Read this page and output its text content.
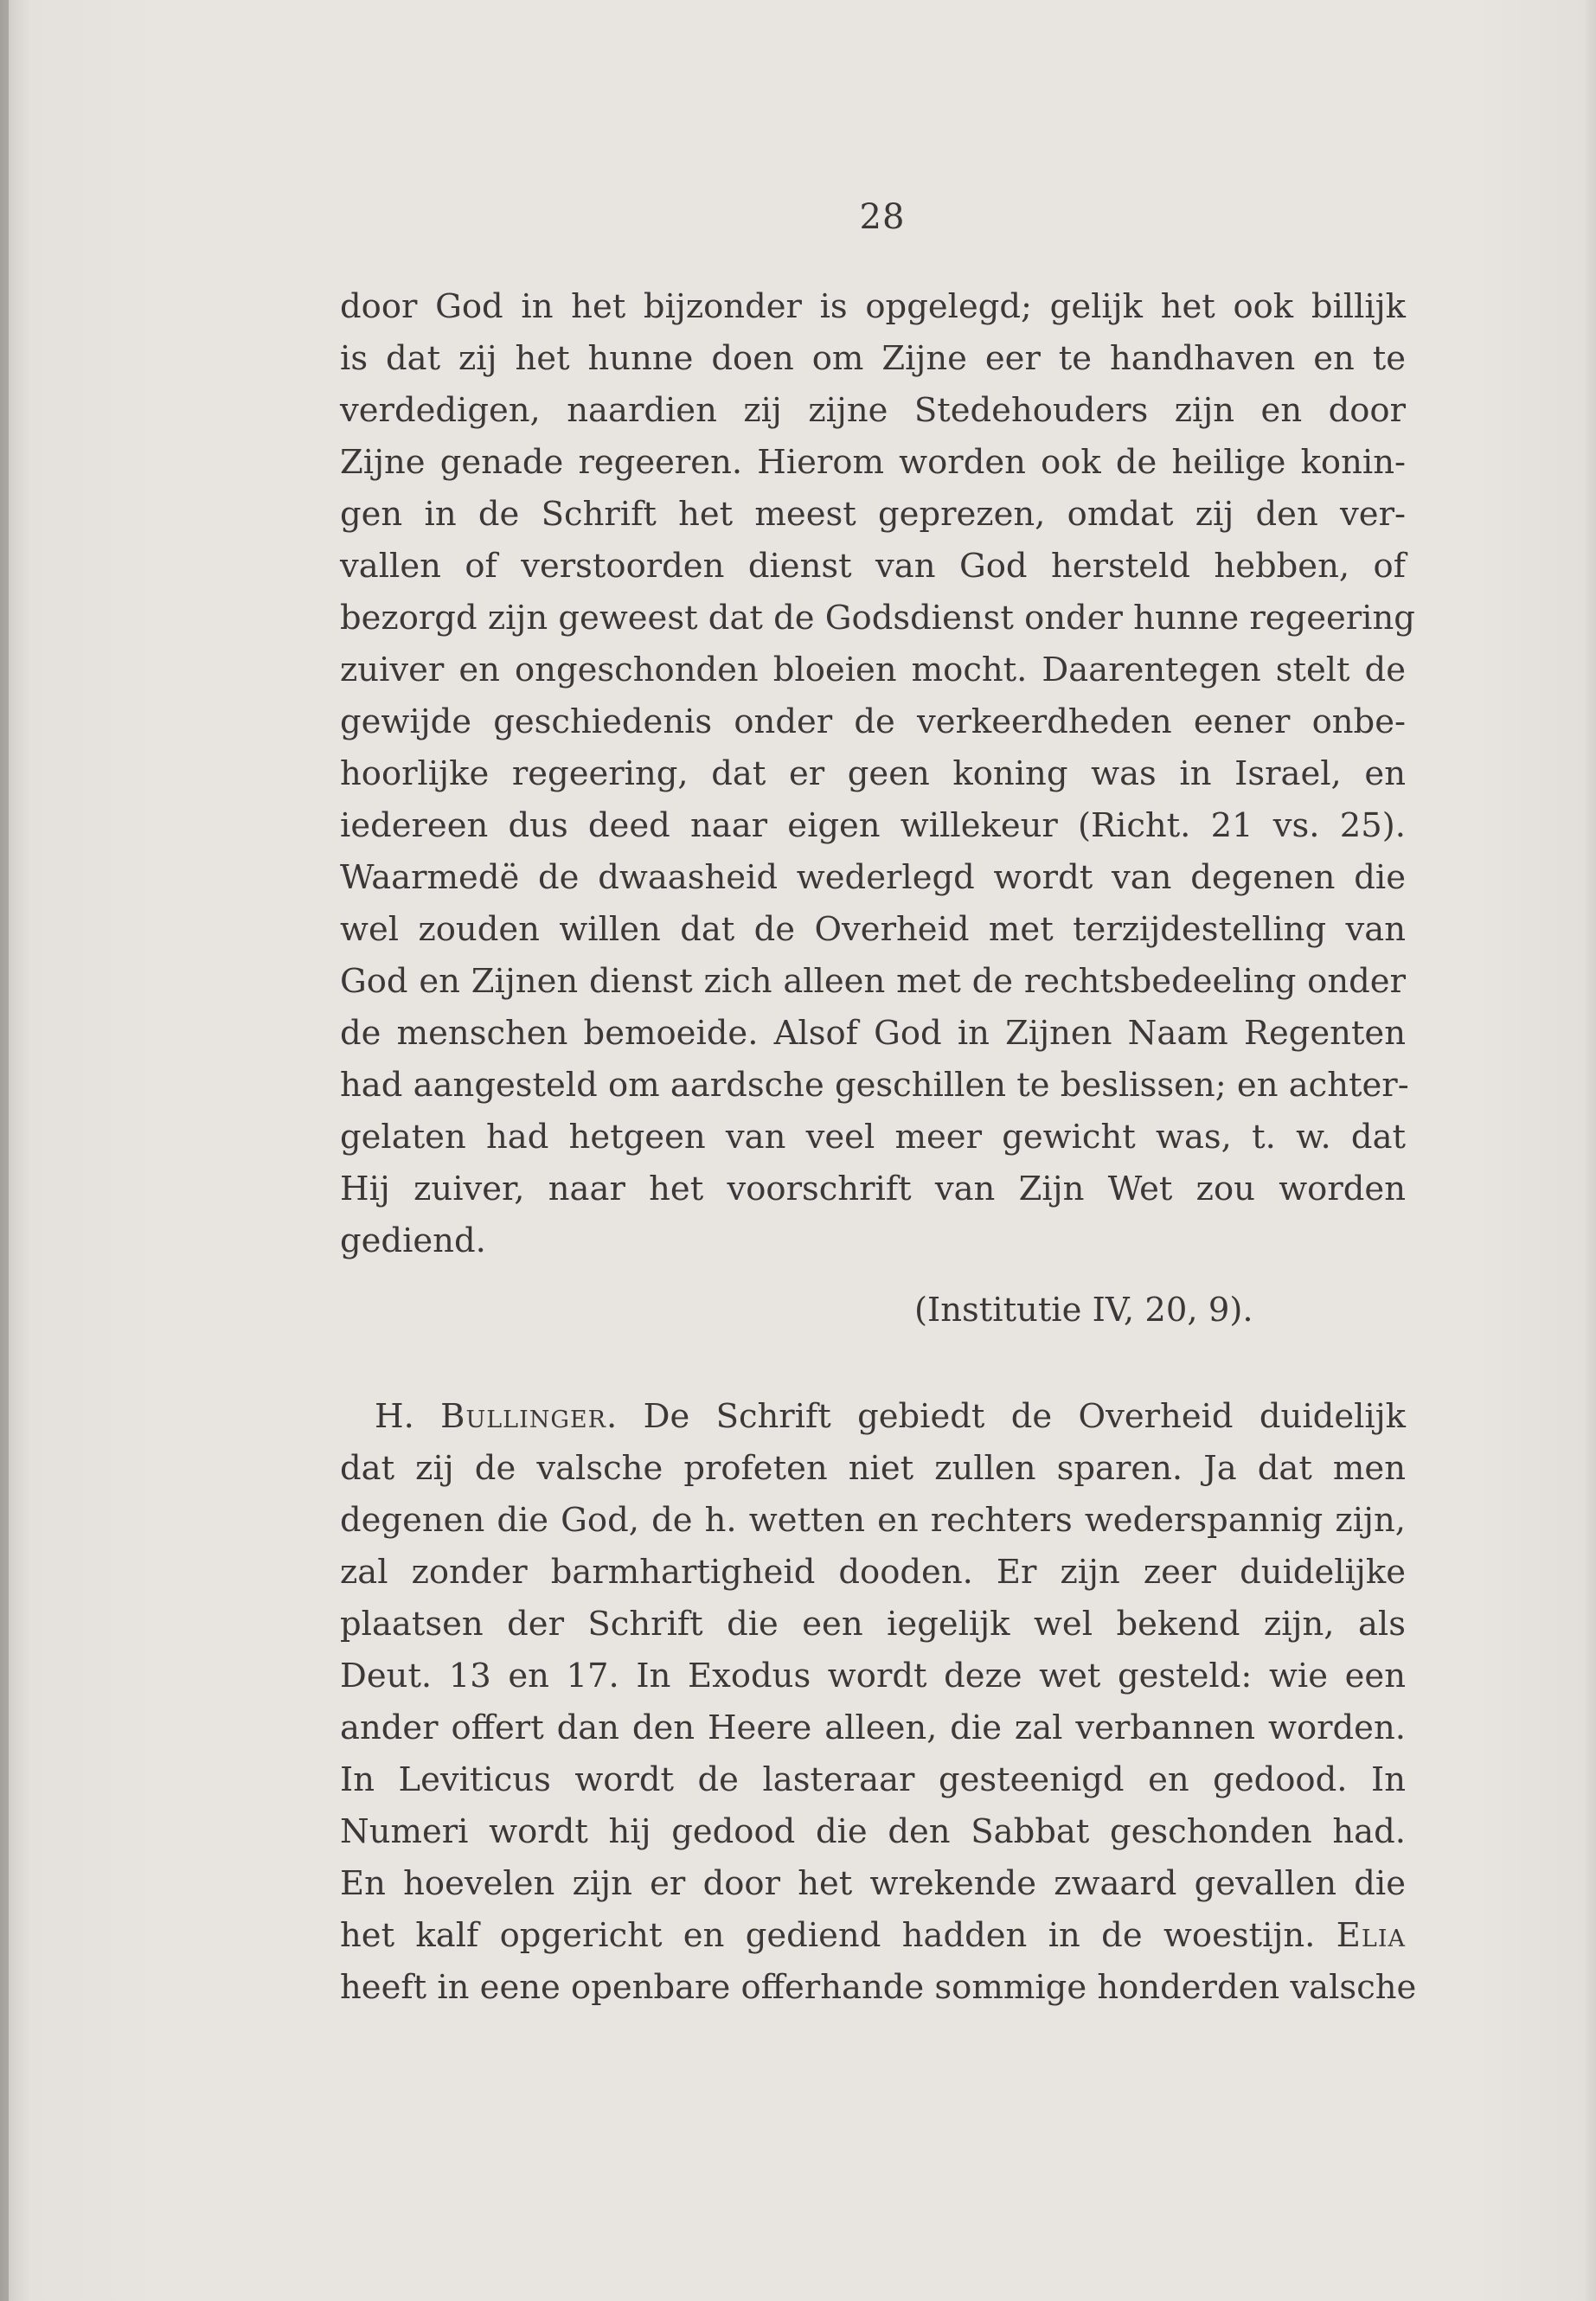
28
door God in het bijzonder is opgelegd; gelijk het ook billijk
is dat zij het hunne doen om Zijne eer te handhaven en te
verdedigen, naardien zij zijne Stedehouders zijn en door
Zijne genade regeeren. Hierom worden ook de heilige konin-
gen in de Schrift het meest geprezen, omdat zij den ver-
vallen of verstoorden dienst van God hersteld hebben, of
bezorgd zijn geweest dat de Godsdienst onder hunne regeering
zuiver en ongeschonden bloeien mocht. Daarentegen stelt de
gewijde geschiedenis onder de verkeerdheden eener onbe-
hoorlijke regeering, dat er geen koning was in Israel, en
iedereen dus deed naar eigen willekeur (Richt. 21 vs. 25).
Waarmedë de dwaasheid wederlegd wordt van degenen die
wel zouden willen dat de Overheid met terzijdestelling van
God en Zijnen dienst zich alleen met de rechtsbedeeling onder
de menschen bemoeide. Alsof God in Zijnen Naam Regenten
had aangesteld om aardsche geschillen te beslissen; en achter-
gelaten had hetgeen van veel meer gewicht was, t. w. dat
Hij zuiver, naar het voorschrift van Zijn Wet zou worden
gediend.
(Institutie IV, 20, 9).
H. Bullinger. De Schrift gebiedt de Overheid duidelijk
dat zij de valsche profeten niet zullen sparen. Ja dat men
degenen die God, de h. wetten en rechters wederspannig zijn,
zal zonder barmhartigheid dooden. Er zijn zeer duidelijke
plaatsen der Schrift die een iegelijk wel bekend zijn, als
Deut. 13 en 17. In Exodus wordt deze wet gesteld: wie een
ander offert dan den Heere alleen, die zal verbannen worden.
In Leviticus wordt de lasteraar gesteenigd en gedood. In
Numeri wordt hij gedood die den Sabbat geschonden had.
En hoevelen zijn er door het wrekende zwaard gevallen die
het kalf opgericht en gediend hadden in de woestijn. Elia
heeft in eene openbare offerhande sommige honderden valsche
